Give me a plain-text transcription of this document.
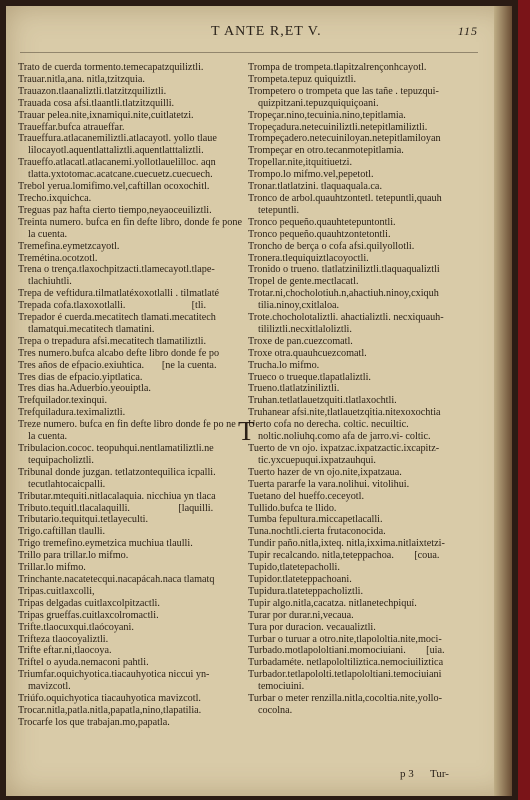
T ANTE R,ET V.	115
Trato de cuerda tormento.temecapatzquiliztli.
Trauar.nitla,ana. nitla,tzitzquia.
Trauazon.tlaanaliztli.tlatzitzquiliztli.
Trauada cosa afsi.tlaantli.tlatzitzquilli.
Trauar pelea.nite,ixnamiqui.nite,cuitlatetzi.
Traueffar.bufca atraueffar.
Traueffura.atlacanemiliztli.atlacayotl. yollo tlaue lilocayotl.aquentlattaliztli.aquentlatttaliztli.
Traueffo.atlacatl.atlacanemi.yollotlauelilloc. aqn tlatta.yxtotomac.acatcane.cuecuetz.cuecuech.
Trebol yerua.lomifimo.vel,caftillan ocoxochitl.
Trecho.ixquichca.
Treguas paz hafta cierto tiempo,neyaoceuiliztli.
Treinta numero. bufca en fin defte libro, donde fe pone la cuenta.
Tremefina.eymetzcayotl.
Tremétina.ocotzotl.
Trena o trença.tlaxochpitzacti.tlamecayotl.tlape- tlachiuhtli.
Trepa de veftidura.tilmatlatéxoxotlalli . tilmatlaté
Trepada cofa.tlaxoxotlalli.                          [tli.
Trepador é cuerda.mecatitech tlamati.mecatitech tlamatqui.mecatitech tlamatini.
Trepa o trepadura afsi.mecatitech tlamatiliztli.
Tres numero.bufca alcabo defte libro donde fe po
Tres años de efpacio.exiuhtica.       [ne la cuenta.
Tres dias de efpacio.yiptlatica.
Tres dias ha.Aduerbio.yeouiptla.
Trefquilador.texinqui.
Trefquiladura.teximaliztli.
Treze numero. bufca en fin defte libro donde fe po ne la cuenta.
Tribulacion.cococ. teopuhqui.nentlamatiliztli.ne tequipacholiztli.
Tribunal donde juzgan. tetlatzontequilica icpalli. tecutlahtocaicpalli.
Tributar.mtequiti.nitlacalaquia. nicchiua yn tlaca
Tributo.tequitl.tlacalaquilli.                   [laquilli.
Tributario.tequitqui.tetlayeculti.
Trigo.caftillan tlaulli.
Trigo tremefino.eymetzica muchiua tlaulli.
Trillo para trillar.lo mifmo.
Trillar.lo mifmo.
Trinchante.nacatetecqui.nacapácah.naca tlamatq
Tripas.cuitlaxcolli,
Tripas delgadas cuitlaxcolpitzactli.
Tripas grueffas.cuitlaxcolromactli.
Trifte.tlaocuxqui.tlaócoyani.
Trifteza tlaocoyaliztli.
Trifte eftar.ni,tlaocoya.
Triftel o ayuda.nemaconi pahtli.
Triumfar.oquichyotica.tiacauhyotica niccui yn- mavizcotl.
Triúfo.oquichyotica tiacauhyotica mavizcotl.
Trocar.nitla,patla.nitla,papatla,nino,tlapatilia.
Trocarfe los que trabajan.mo,papatla.
Trompa de trompeta.tlapitzalrençonhcayotl.
Trompeta.tepuz quiquiztli.
Trompetero o trompeta que las tañe . tepuzqui- quizpitzani.tepuzquiquiçoani.
Tropeçar.nino,tecuinia.nino,tepitlamia.
Tropeçadura.netecuiniliztli.netepitlamiliztli.
Trompeçadero.netecuiniloyan.netepitlamiloyan
Trompeçar en otro.tecanmotepitlamia.
Tropellar.nite,itquitiuetzi.
Trompo.lo mifmo.vel,pepetotl.
Tronar.tlatlatzini. tlaquaquala.ca.
Tronco de arbol.quauhtzontetl. tetepuntli,quauh tetepuntli.
Tronco pequeño.quauhtetepuntontli.
Tronco pequeño.quauhtzontetontli.
Troncho de berça o cofa afsi.quilyollotli.
Tronera.tlequiquiztlacoyoctli.
Tronido o trueno. tlatlatziniliztli.tlaquaqualiztli
Tropel de gente.mectlacatl.
Trotar.ni,chocholotiuh.n,ahactiuh.ninoy,cxiquh tilia.ninoy,cxitlaloa.
Trote.chocholotaliztli. ahactializtli. necxiquauh- tililiztli.necxitlaloliztli.
Troxe de pan.cuezcomatl.
Troxe otra.quauhcuezcomatl.
Trucha.lo mifmo.
Trueco o trueque.tlapatlaliztli.
Trueno.tlatlatziniliztli.
Truhan.tetlatlauetzquiti.tlatlaxochtli.
Truhanear afsi.nite,tlatlauetzqitia.nitexoxochtia
TUerto cofa no derecha. coltic. necuiltic. noltic.noliuhq.como afa de jarro.vi- coltic.
Tuerto de vn ojo. ixpatzac.ixpatzactic.ixcapitz- tic.yxcuepuqui.ixpatzauhqui.
Tuerto hazer de vn ojo.nite,ixpatzaua.
Tuerta pararfe la vara.nolihui. vitolihui.
Tuetano del hueffo.ceceyotl.
Tullido.bufca te llido.
Tumba fepultura.miccapetlacalli.
Tuna.nochtli.cierta frutaconocida.
Tundir paño.nitla,ixteq. nitla,ixxima.nitlaixtetzi-
Tupir recalcando. nitla,teteppachoa.        [coua.
Tupido,tlatetepacholli.
Tupidor.tlateteppachoani.
Tupidura.tlateteppacholiztli.
Tupir algo.nitla,cacatza. nitlanetechpiquí.
Turar por durar.ni,vecaua.
Tura por duracion. vecaualiztli.
Turbar o turuar a otro.nite,tlapololtia.nite,moci-
Turbado.motlapololtiani.momociuiani.        [uia.
Turbadaméte. netlapololtiliztica.nemociuiliztica
Turbador.tetlapololti.tetlapololtiani.temociuiani temociuini.
Turbar o meter renzilla.nitla,cocoltia.nite,yollo- cocolna.
p 3 Tur-
